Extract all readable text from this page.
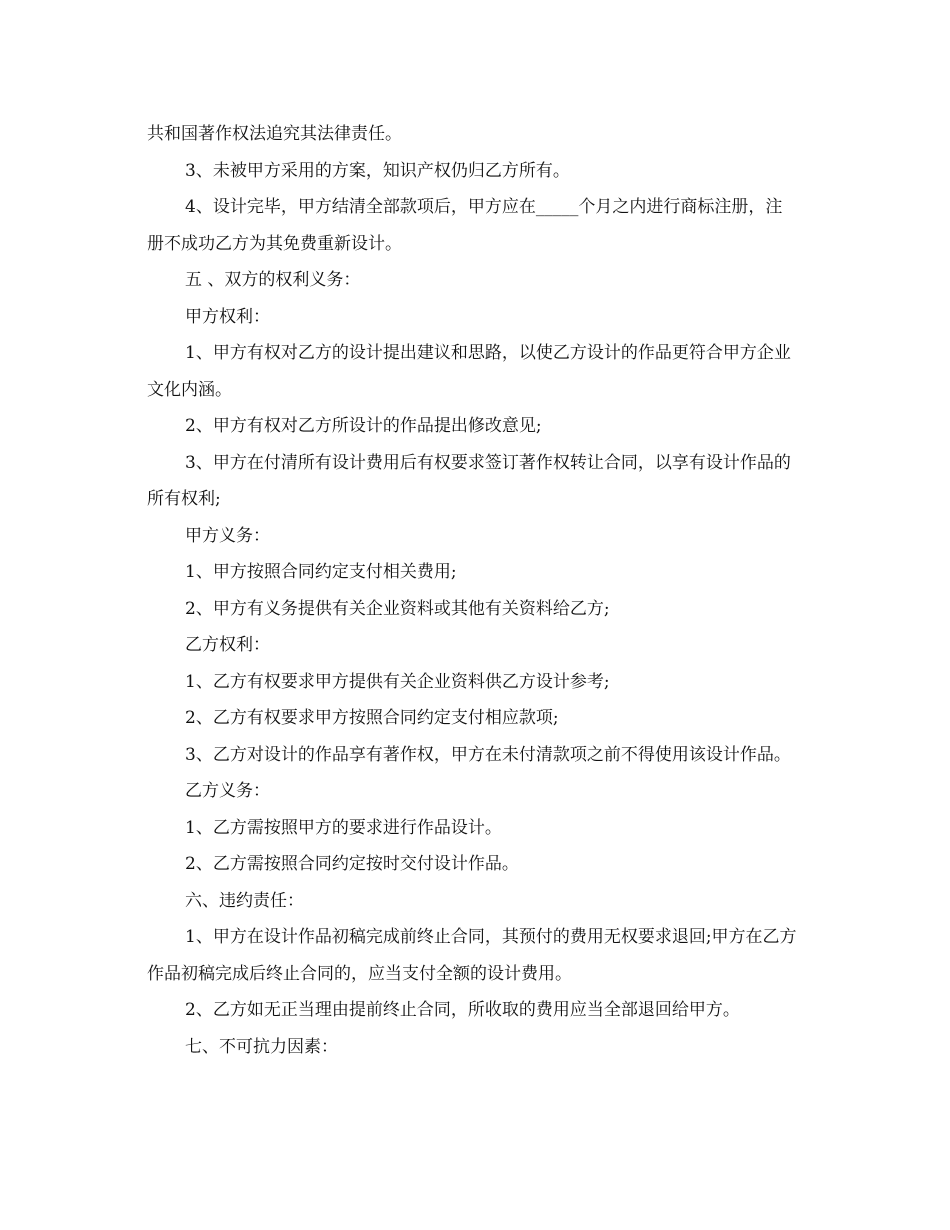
共和国著作权法追究其法律责任。

3、未被甲方采用的方案，知识产权仍归乙方所有。

4、设计完毕，甲方结清全部款项后，甲方应在_____个月之内进行商标注册，注册不成功乙方为其免费重新设计。

五 、双方的权利义务：

甲方权利：

1、甲方有权对乙方的设计提出建议和思路，以使乙方设计的作品更符合甲方企业文化内涵。

2、甲方有权对乙方所设计的作品提出修改意见;

3、甲方在付清所有设计费用后有权要求签订著作权转让合同，以享有设计作品的所有权利;

甲方义务：

1、甲方按照合同约定支付相关费用;

2、甲方有义务提供有关企业资料或其他有关资料给乙方;

乙方权利：

1、乙方有权要求甲方提供有关企业资料供乙方设计参考;

2、乙方有权要求甲方按照合同约定支付相应款项;

3、乙方对设计的作品享有著作权，甲方在未付清款项之前不得使用该设计作品。

乙方义务：

1、乙方需按照甲方的要求进行作品设计。

2、乙方需按照合同约定按时交付设计作品。

六、违约责任：

1、甲方在设计作品初稿完成前终止合同，其预付的费用无权要求退回;甲方在乙方作品初稿完成后终止合同的，应当支付全额的设计费用。

2、乙方如无正当理由提前终止合同，所收取的费用应当全部退回给甲方。

七、不可抗力因素：
